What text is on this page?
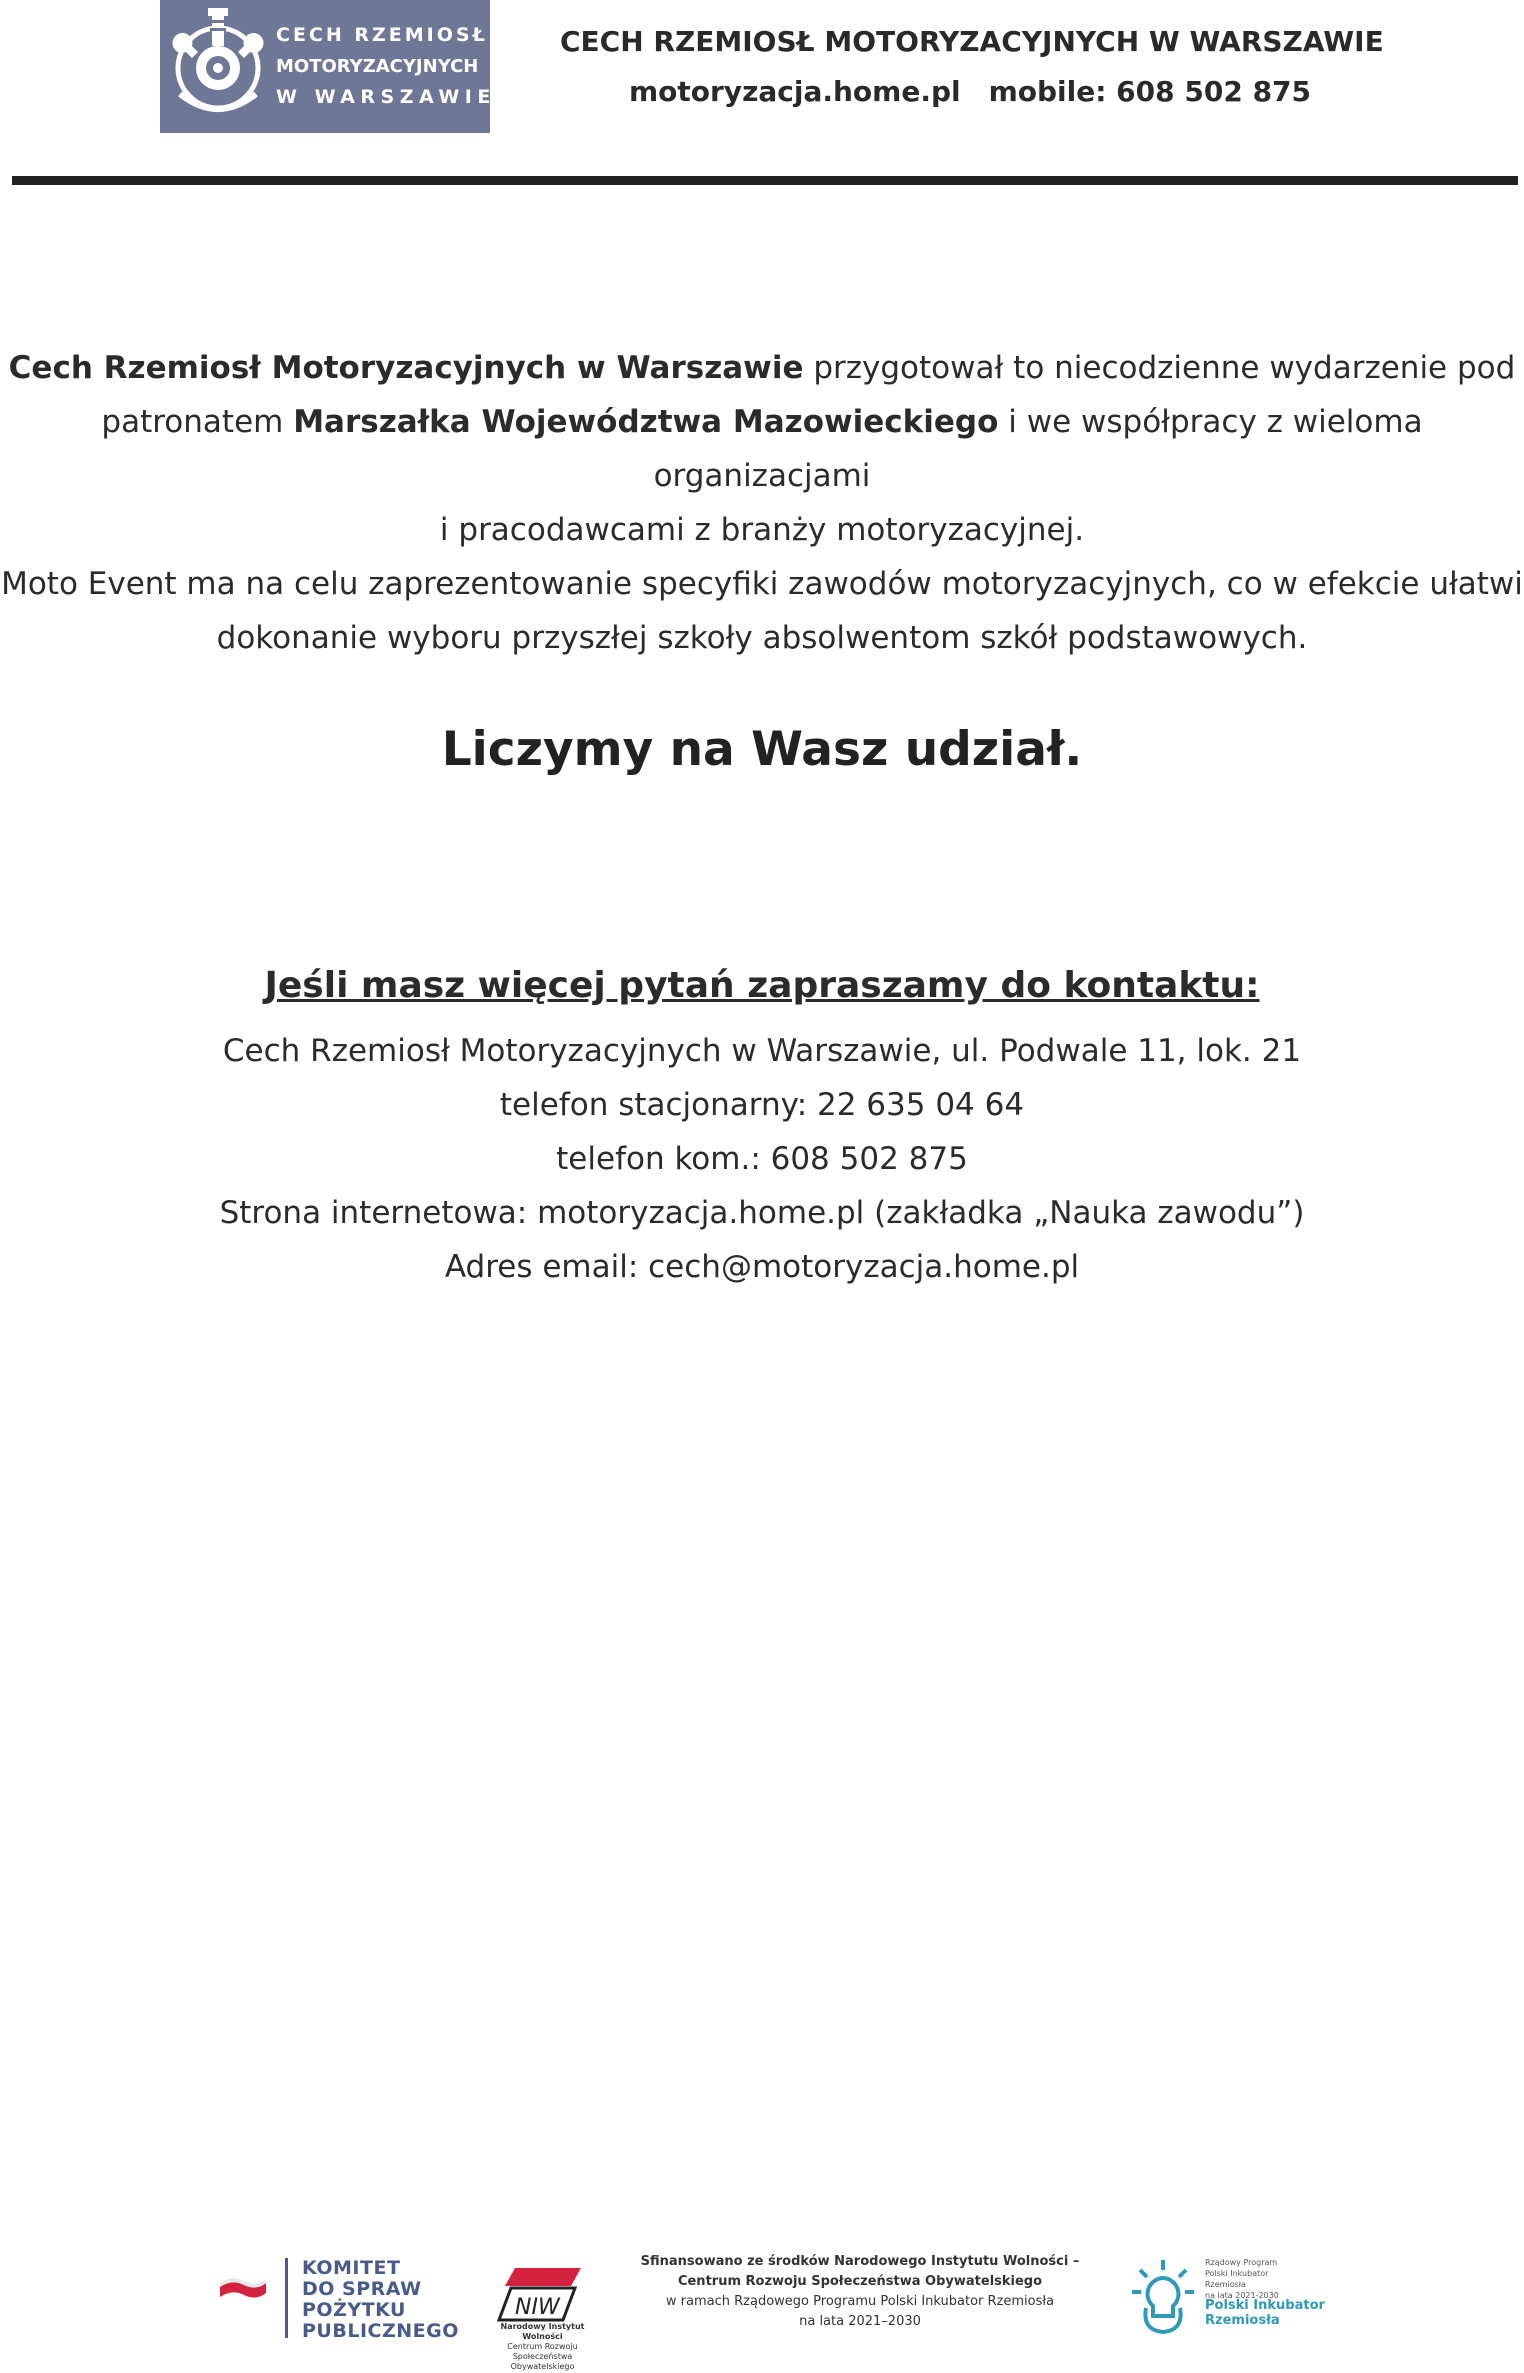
CECH RZEMIOSŁ
MOTORYZACYJNYCH
W WARSZAWIE
CECH RZEMIOSŁ MOTORYZACYJNYCH W WARSZAWIE
motoryzacja.home.pl mobile: 608 502 875
Cech Rzemiosł Motoryzacyjnych w Warszawie przygotował to niecodzienne wydarzenie pod
patronatem Marszałka Województwa Mazowieckiego i we współpracy z wieloma organizacjami
i pracodawcami z branży motoryzacyjnej.
Moto Event ma na celu zaprezentowanie specyfiki zawodów motoryzacyjnych, co w efekcie ułatwi
dokonanie wyboru przyszłej szkoły absolwentom szkół podstawowych.
Liczymy na Wasz udział.
Jeśli masz więcej pytań zapraszamy do kontaktu:
Cech Rzemiosł Motoryzacyjnych w Warszawie, ul. Podwale 11, lok. 21
telefon stacjonarny: 22 635 04 64
telefon kom.: 608 502 875
Strona internetowa: motoryzacja.home.pl (zakładka „Nauka zawodu”)
Adres email: cech@motoryzacja.home.pl
KOMITET
DO SPRAW
POŻYTKU
PUBLICZNEGO
NIW
Narodowy Instytut Wolności
Centrum Rozwoju Społeczeństwa Obywatelskiego
Sfinansowano ze środków Narodowego Instytutu Wolności –
Centrum Rozwoju Społeczeństwa Obywatelskiego
w ramach Rządowego Programu Polski Inkubator Rzemiosła
na lata 2021–2030
Rządowy Program
Polski Inkubator
Rzemiosła
na lata 2021-2030
Polski Inkubator
Rzemiosła
